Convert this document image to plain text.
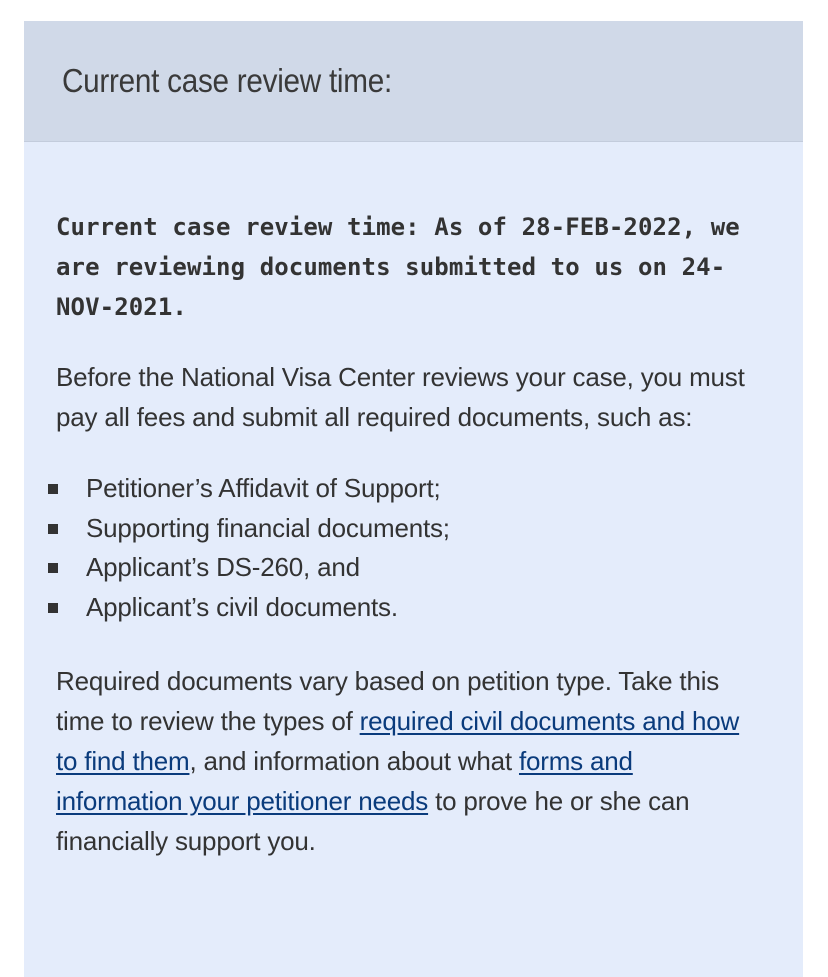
Current case review time:

Current case review time: As of 28-FEB-2022, we are reviewing documents submitted to us on 24-NOV-2021.

Before the National Visa Center reviews your case, you must pay all fees and submit all required documents, such as:

Petitioner’s Affidavit of Support;
Supporting financial documents;
Applicant’s DS-260, and
Applicant’s civil documents.

Required documents vary based on petition type. Take this time to review the types of required civil documents and how to find them, and information about what forms and information your petitioner needs to prove he or she can financially support you.
